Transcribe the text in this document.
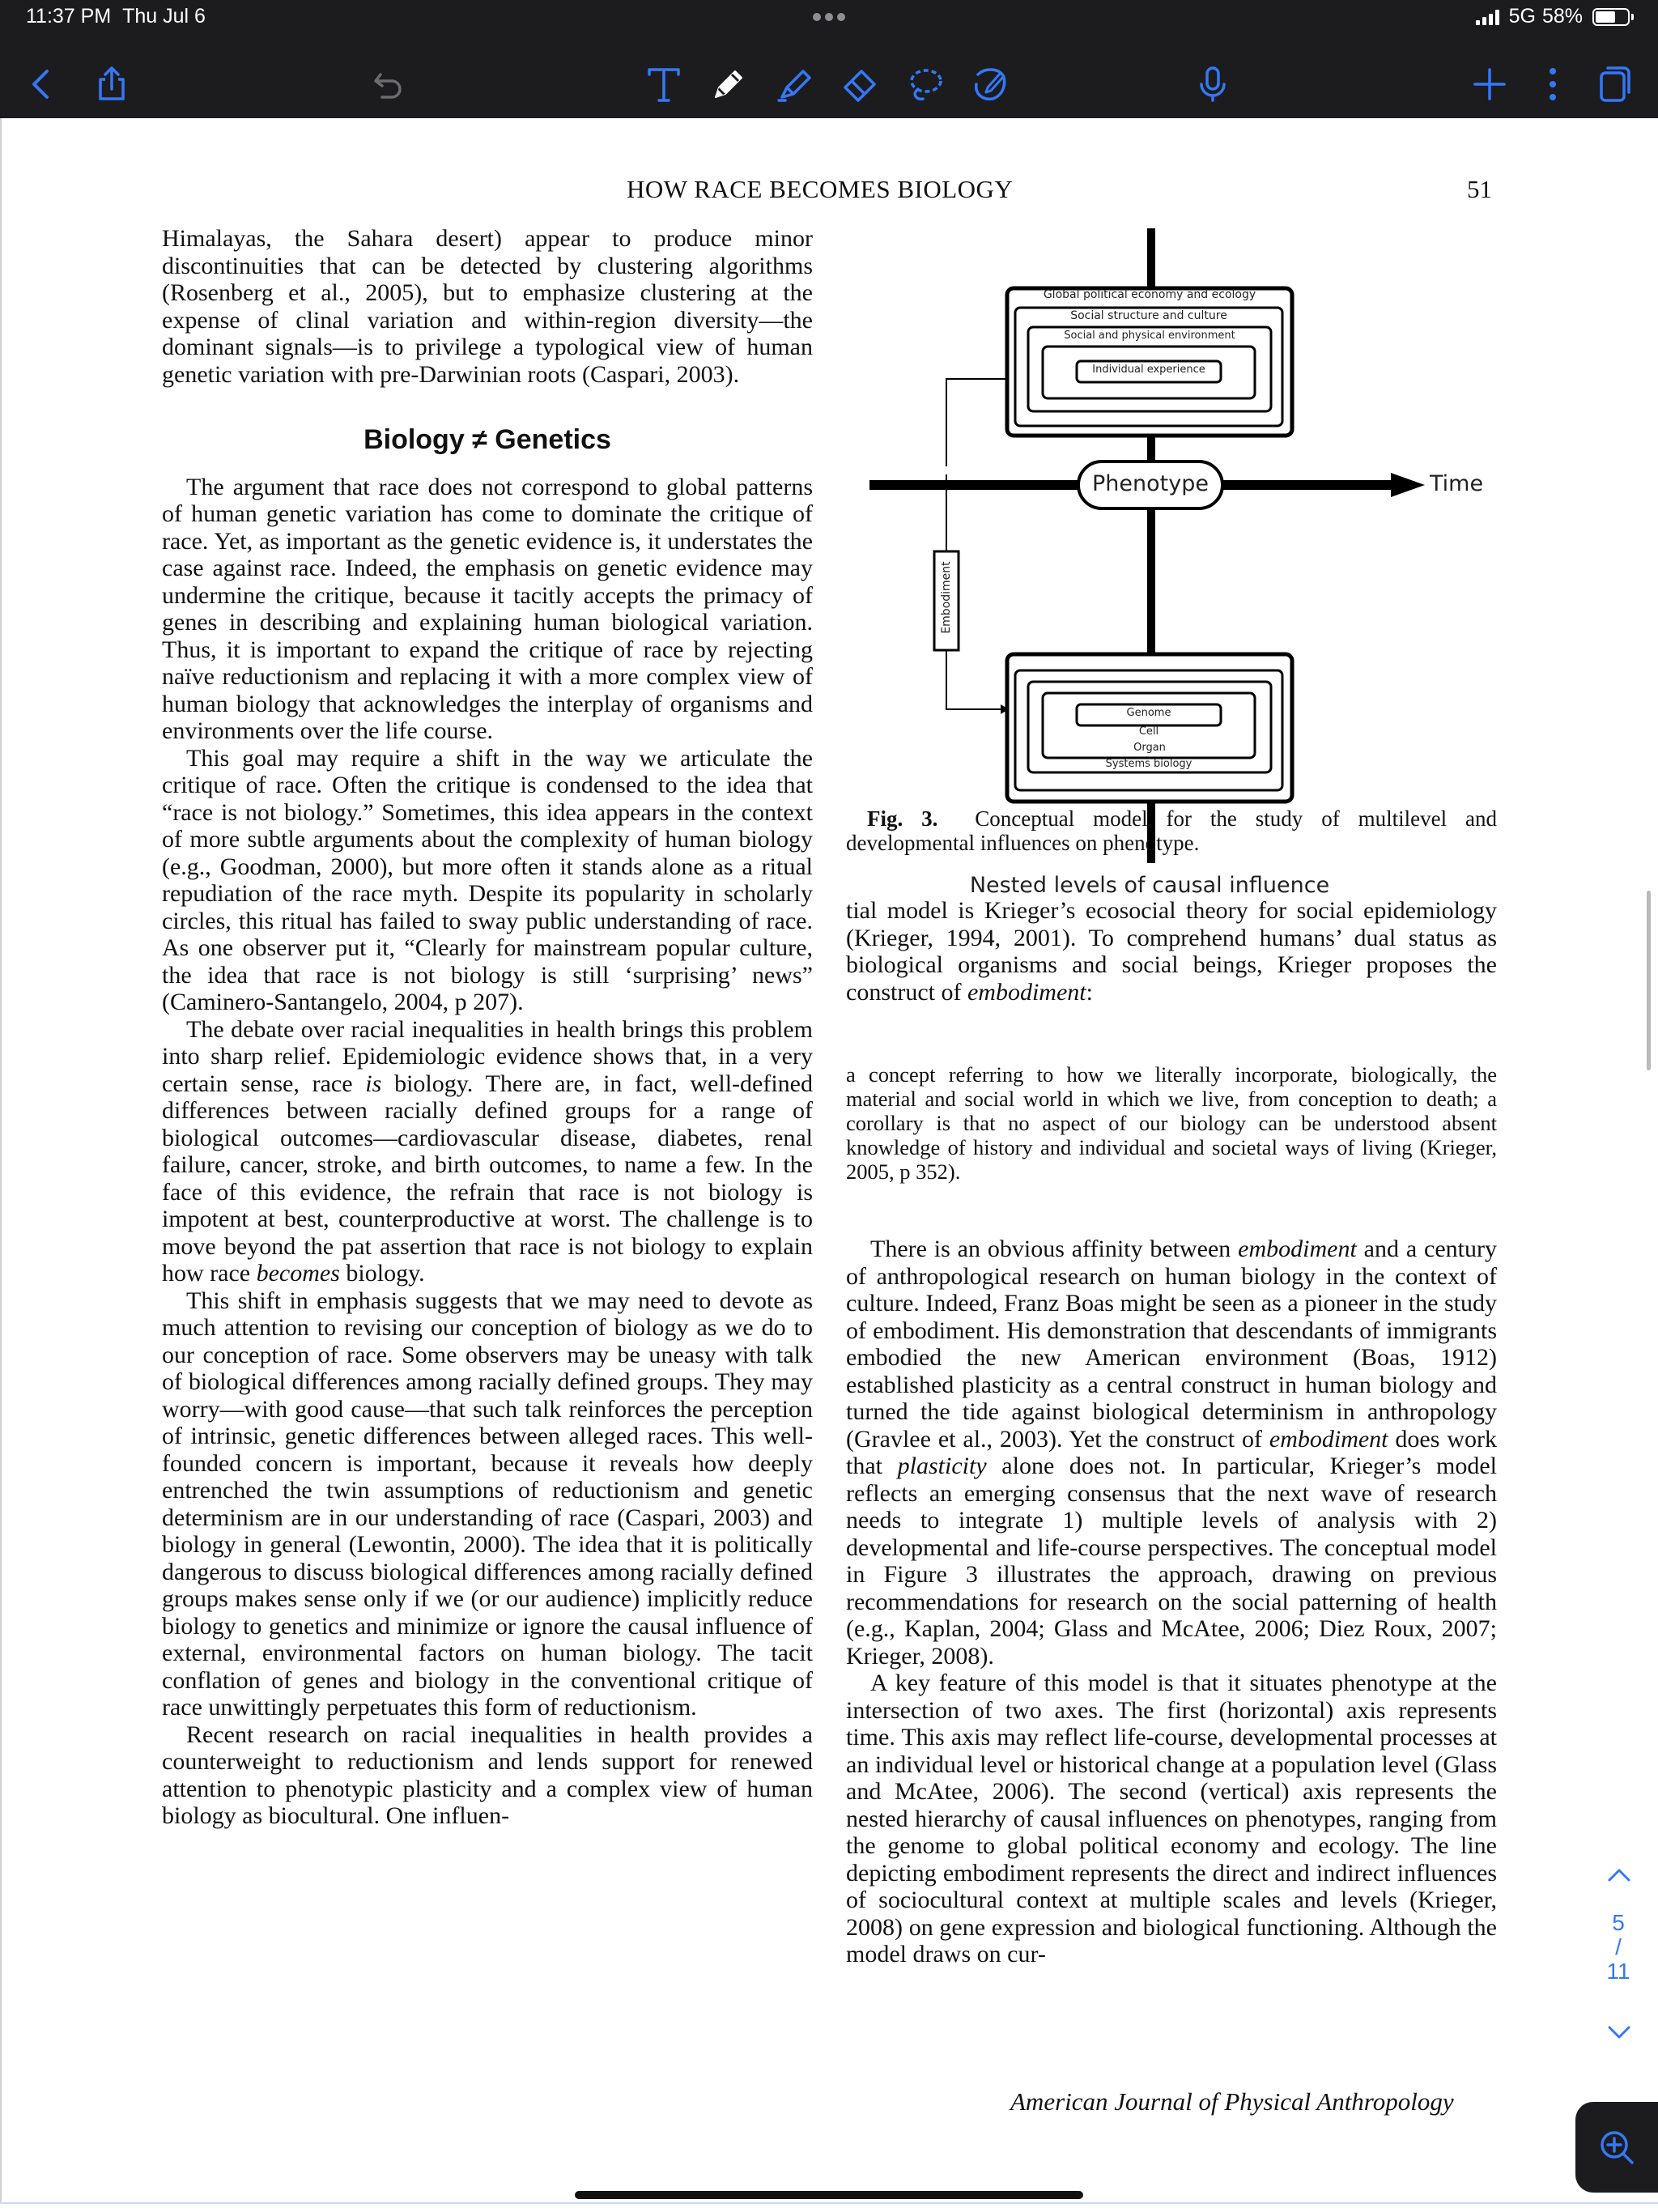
11:37 PM Thu Jul 6	5G 58%
HOW RACE BECOMES BIOLOGY	51

Himalayas, the Sahara desert) appear to produce minor discontinuities that can be detected by clustering algorithms (Rosenberg et al., 2005), but to emphasize clustering at the expense of clinal variation and within-region diversity—the dominant signals—is to privilege a typological view of human genetic variation with pre-Darwinian roots (Caspari, 2003).

Biology ≠ Genetics

The argument that race does not correspond to global patterns of human genetic variation has come to dominate the critique of race. Yet, as important as the genetic evidence is, it understates the case against race. Indeed, the emphasis on genetic evidence may undermine the critique, because it tacitly accepts the primacy of genes in describing and explaining human biological variation. Thus, it is important to expand the critique of race by rejecting naïve reductionism and replacing it with a more complex view of human biology that acknowledges the interplay of organisms and environments over the life course.

This goal may require a shift in the way we articulate the critique of race. Often the critique is condensed to the idea that “race is not biology.” Sometimes, this idea appears in the context of more subtle arguments about the complexity of human biology (e.g., Goodman, 2000), but more often it stands alone as a ritual repudiation of the race myth. Despite its popularity in scholarly circles, this ritual has failed to sway public understanding of race. As one observer put it, “Clearly for mainstream popular culture, the idea that race is not biology is still ‘surprising’ news” (Caminero-Santangelo, 2004, p 207).

The debate over racial inequalities in health brings this problem into sharp relief. Epidemiologic evidence shows that, in a very certain sense, race is biology. There are, in fact, well-defined differences between racially defined groups for a range of biological outcomes—cardiovascular disease, diabetes, renal failure, cancer, stroke, and birth outcomes, to name a few. In the face of this evidence, the refrain that race is not biology is impotent at best, counterproductive at worst. The challenge is to move beyond the pat assertion that race is not biology to explain how race becomes biology.

This shift in emphasis suggests that we may need to devote as much attention to revising our conception of biology as we do to our conception of race. Some observers may be uneasy with talk of biological differences among racially defined groups. They may worry—with good cause—that such talk reinforces the perception of intrinsic, genetic differences between alleged races. This well-founded concern is important, because it reveals how deeply entrenched the twin assumptions of reductionism and genetic determinism are in our understanding of race (Caspari, 2003) and biology in general (Lewontin, 2000). The idea that it is politically dangerous to discuss biological differences among racially defined groups makes sense only if we (or our audience) implicitly reduce biology to genetics and minimize or ignore the causal influence of external, environmental factors on human biology. The tacit conflation of genes and biology in the conventional critique of race unwittingly perpetuates this form of reductionism.

Recent research on racial inequalities in health provides a counterweight to reductionism and lends support for renewed attention to phenotypic plasticity and a complex view of human biology as biocultural. One influen-

Global political economy and ecology
Social structure and culture
Social and physical environment
Individual experience
Genome
Cell
Organ
Systems biology
Phenotype	Time
Embodiment
Nested levels of causal influence
Fig. 3. Conceptual model for the study of multilevel and developmental influences on phenotype.

tial model is Krieger’s ecosocial theory for social epidemiology (Krieger, 1994, 2001). To comprehend humans’ dual status as biological organisms and social beings, Krieger proposes the construct of embodiment:

a concept referring to how we literally incorporate, biologically, the material and social world in which we live, from conception to death; a corollary is that no aspect of our biology can be understood absent knowledge of history and individual and societal ways of living (Krieger, 2005, p 352).

There is an obvious affinity between embodiment and a century of anthropological research on human biology in the context of culture. Indeed, Franz Boas might be seen as a pioneer in the study of embodiment. His demonstration that descendants of immigrants embodied the new American environment (Boas, 1912) established plasticity as a central construct in human biology and turned the tide against biological determinism in anthropology (Gravlee et al., 2003). Yet the construct of embodiment does work that plasticity alone does not. In particular, Krieger’s model reflects an emerging consensus that the next wave of research needs to integrate 1) multiple levels of analysis with 2) developmental and life-course perspectives. The conceptual model in Figure 3 illustrates the approach, drawing on previous recommendations for research on the social patterning of health (e.g., Kaplan, 2004; Glass and McAtee, 2006; Diez Roux, 2007; Krieger, 2008).

A key feature of this model is that it situates phenotype at the intersection of two axes. The first (horizontal) axis represents time. This axis may reflect life-course, developmental processes at an individual level or historical change at a population level (Glass and McAtee, 2006). The second (vertical) axis represents the nested hierarchy of causal influences on phenotypes, ranging from the genome to global political economy and ecology. The line depicting embodiment represents the direct and indirect influences of sociocultural context at multiple scales and levels (Krieger, 2008) on gene expression and biological functioning. Although the model draws on cur-

American Journal of Physical Anthropology
5
/
11
